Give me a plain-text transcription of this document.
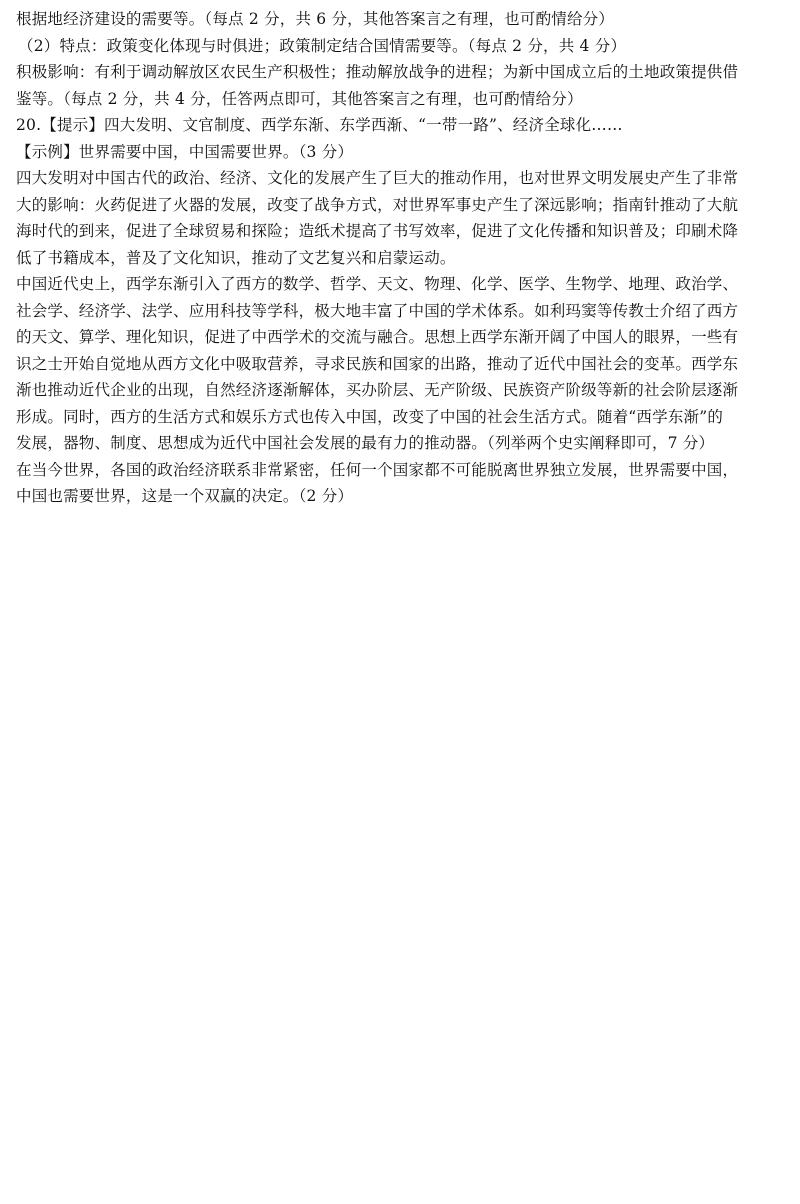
根据地经济建设的需要等。（每点 2 分，共 6 分，其他答案言之有理，也可酌情给分）

（2）特点：政策变化体现与时俱进；政策制定结合国情需要等。（每点 2 分，共 4 分）

积极影响：有利于调动解放区农民生产积极性；推动解放战争的进程；为新中国成立后的土地政策提供借
鉴等。（每点 2 分，共 4 分，任答两点即可，其他答案言之有理，也可酌情给分）

20.【提示】四大发明、文官制度、西学东渐、东学西渐、“一带一路”、经济全球化……

【示例】世界需要中国，中国需要世界。（3 分）

四大发明对中国古代的政治、经济、文化的发展产生了巨大的推动作用，也对世界文明发展史产生了非常
大的影响：火药促进了火器的发展，改变了战争方式，对世界军事史产生了深远影响；指南针推动了大航
海时代的到来，促进了全球贸易和探险；造纸术提高了书写效率，促进了文化传播和知识普及；印刷术降
低了书籍成本，普及了文化知识，推动了文艺复兴和启蒙运动。

中国近代史上，西学东渐引入了西方的数学、哲学、天文、物理、化学、医学、生物学、地理、政治学、
社会学、经济学、法学、应用科技等学科，极大地丰富了中国的学术体系。如利玛窦等传教士介绍了西方
的天文、算学、理化知识，促进了中西学术的交流与融合。思想上西学东渐开阔了中国人的眼界，一些有
识之士开始自觉地从西方文化中吸取营养，寻求民族和国家的出路，推动了近代中国社会的变革。西学东
渐也推动近代企业的出现，自然经济逐渐解体，买办阶层、无产阶级、民族资产阶级等新的社会阶层逐渐
形成。同时，西方的生活方式和娱乐方式也传入中国，改变了中国的社会生活方式。随着“西学东渐”的
发展，器物、制度、思想成为近代中国社会发展的最有力的推动器。（列举两个史实阐释即可，7 分）

在当今世界，各国的政治经济联系非常紧密，任何一个国家都不可能脱离世界独立发展，世界需要中国，
中国也需要世界，这是一个双赢的决定。（2 分）
